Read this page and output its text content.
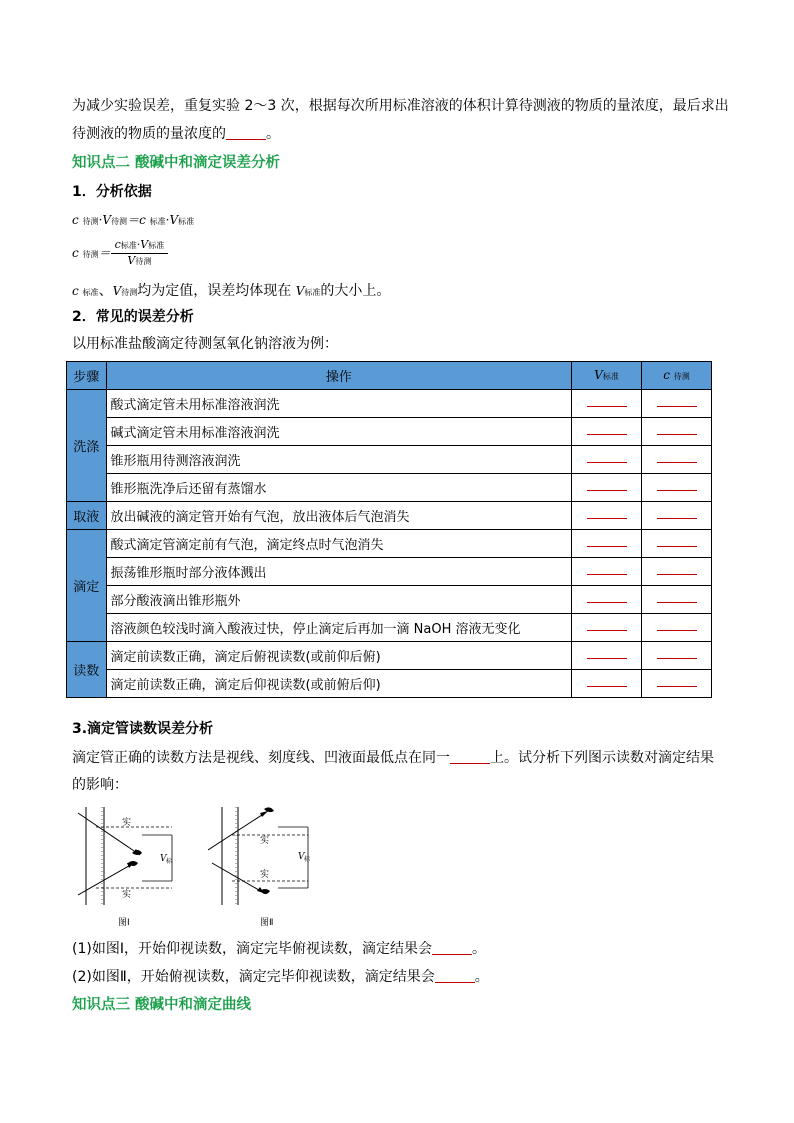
为减少实验误差，重复实验 2～3 次，根据每次所用标准溶液的体积计算待测液的物质的量浓度，最后求出
待测液的物质的量浓度的	。
知识点二 酸碱中和滴定误差分析
1．分析依据
c 待测·V待测＝c 标准·V标准
c 待测＝ $\frac{\text{c标准·V标准}}{\text{V待测}}$
c 标准、V待测均为定值，误差均体现在 V标准的大小上。
2．常见的误差分析
以用标准盐酸滴定待测氢氧化钠溶液为例：
步骤	操作	V标准	c 待测
洗涤	酸式滴定管未用标准溶液润洗		
	碱式滴定管未用标准溶液润洗		
	锥形瓶用待测溶液润洗		
	锥形瓶洗净后还留有蒸馏水		
取液	放出碱液的滴定管开始有气泡，放出液体后气泡消失		
滴定	酸式滴定管滴定前有气泡，滴定终点时气泡消失		
	振荡锥形瓶时部分液体溅出		
	部分酸液滴出锥形瓶外		
	溶液颜色较浅时滴入酸液过快，停止滴定后再加一滴 NaOH 溶液无变化		
读数	滴定前读数正确，滴定后俯视读数(或前仰后俯)		
	滴定前读数正确，滴定后仰视读数(或前俯后仰)		
3.滴定管读数误差分析
滴定管正确的读数方法是视线、刻度线、凹液面最低点在同一	上。试分析下列图示读数对滴定结果
的影响：
实
实
V 标
图Ⅰ
实
实
V 标
图Ⅱ
(1)如图Ⅰ，开始仰视读数，滴定完毕俯视读数，滴定结果会	。
(2)如图Ⅱ，开始俯视读数，滴定完毕仰视读数，滴定结果会	。
知识点三 酸碱中和滴定曲线
